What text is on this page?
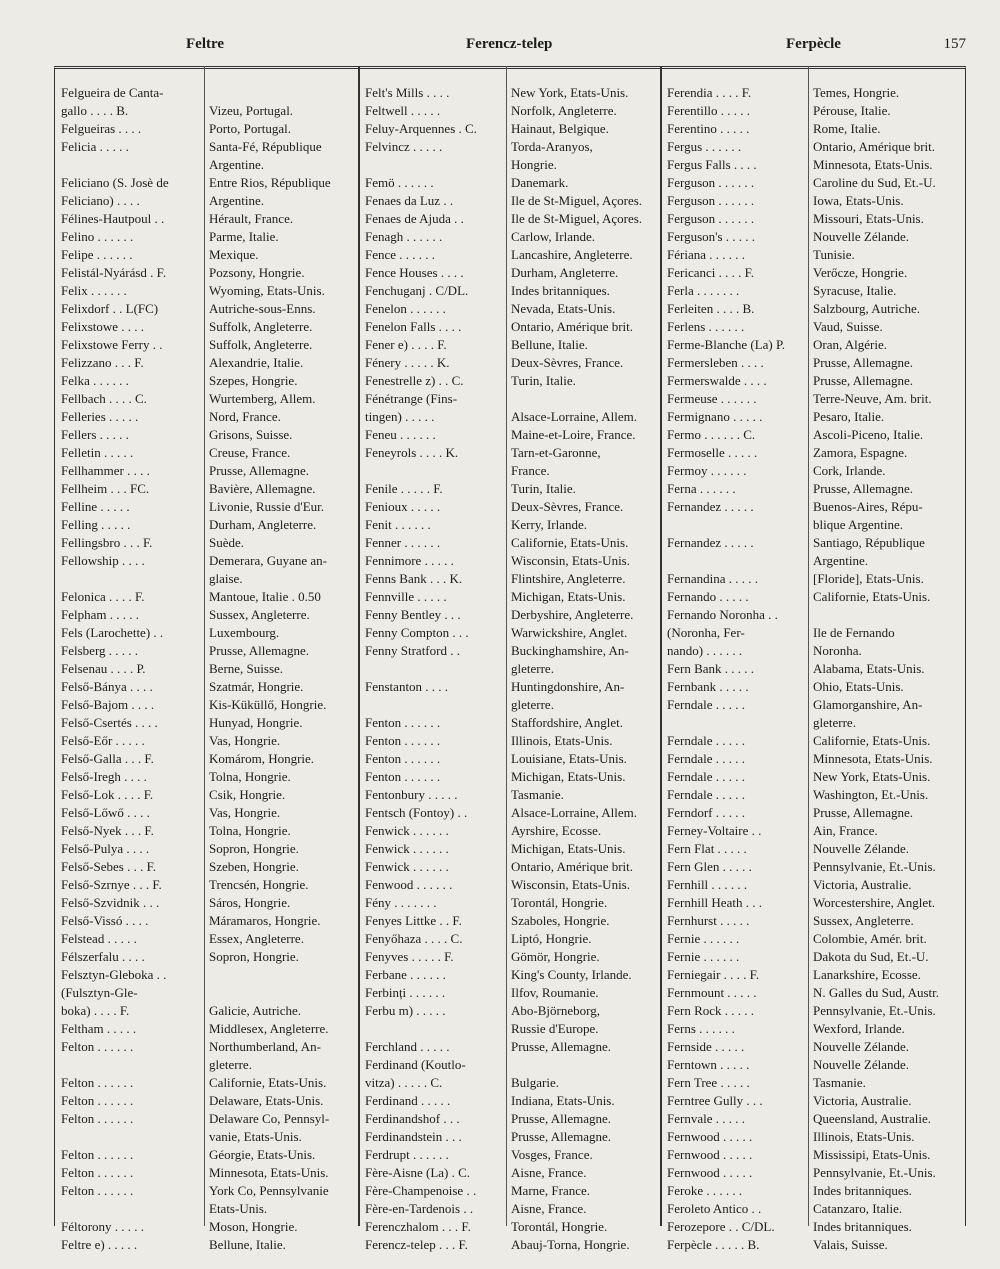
Feltre	Ferencz-telep	Ferpècle	157
Felgueira de Canta-
gallo . . . . B.	Vizeu, Portugal.
Felgueiras . . . .	Porto, Portugal.
Felicia . . . . .	Santa-Fé, République
Argentine.
Feliciano (S. Josè de	Entre Rios, République
Feliciano) . . . .	Argentine.
Félines-Hautpoul . .	Hérault, France.
Felino . . . . . .	Parme, Italie.
Felipe . . . . . .	Mexique.
Felistál-Nyárásd . F.	Pozsony, Hongrie.
Felix . . . . . .	Wyoming, Etats-Unis.
Felixdorf . . L(FC)	Autriche-sous-Enns.
Felixstowe . . . .	Suffolk, Angleterre.
Felixstowe Ferry . .	Suffolk, Angleterre.
Felizzano . . . F.	Alexandrie, Italie.
Felka . . . . . .	Szepes, Hongrie.
Fellbach . . . . C.	Wurtemberg, Allem.
Felleries . . . . .	Nord, France.
Fellers . . . . .	Grisons, Suisse.
Felletin . . . . .	Creuse, France.
Fellhammer . . . .	Prusse, Allemagne.
Fellheim . . . FC.	Bavière, Allemagne.
Felline . . . . .	Livonie, Russie d'Eur.
Felling . . . . .	Durham, Angleterre.
Fellingsbro . . . F.	Suède.
Fellowship . . . .	Demerara, Guyane an-
glaise.
Felonica . . . . F.	Mantoue, Italie . 0.50
Felpham . . . . .	Sussex, Angleterre.
Fels (Larochette) . .	Luxembourg.
Felsberg . . . . .	Prusse, Allemagne.
Felsenau . . . . P.	Berne, Suisse.
Felső-Bánya . . . .	Szatmár, Hongrie.
Felső-Bajom . . . .	Kis-Küküllő, Hongrie.
Felső-Csertés . . . .	Hunyad, Hongrie.
Felső-Eőr . . . . .	Vas, Hongrie.
Felső-Galla . . . F.	Komárom, Hongrie.
Felső-Iregh . . . .	Tolna, Hongrie.
Felső-Lok . . . . F.	Csik, Hongrie.
Felső-Lőwő . . . .	Vas, Hongrie.
Felső-Nyek . . . F.	Tolna, Hongrie.
Felső-Pulya . . . .	Sopron, Hongrie.
Felső-Sebes . . . F.	Szeben, Hongrie.
Felső-Szrnye . . . F.	Trencsén, Hongrie.
Felső-Szvidnik . . .	Sáros, Hongrie.
Felső-Vissó . . . .	Máramaros, Hongrie.
Felstead . . . . .	Essex, Angleterre.
Félszerfalu . . . .	Sopron, Hongrie.
Felsztyn-Gleboka . .
(Fulsztyn-Gle-
boka) . . . . F.	Galicie, Autriche.
Feltham . . . . .	Middlesex, Angleterre.
Felton . . . . . .	Northumberland, An-
gleterre.
Felton . . . . . .	Californie, Etats-Unis.
Felton . . . . . .	Delaware, Etats-Unis.
Felton . . . . . .	Delaware Co, Pennsyl-
vanie, Etats-Unis.
Felton . . . . . .	Géorgie, Etats-Unis.
Felton . . . . . .	Minnesota, Etats-Unis.
Felton . . . . . .	York Co, Pennsylvanie
Etats-Unis.
Féltorony . . . . .	Moson, Hongrie.
Feltre e) . . . . .	Bellune, Italie.
Felt's Mills . . . .	New York, Etats-Unis.
Feltwell . . . . .	Norfolk, Angleterre.
Feluy-Arquennes . C.	Hainaut, Belgique.
Felvincz . . . . .	Torda-Aranyos,
Hongrie.
Femö . . . . . .	Danemark.
Fenaes da Luz . .	Ile de St-Miguel, Açores.
Fenaes de Ajuda . .	Ile de St-Miguel, Açores.
Fenagh . . . . . .	Carlow, Irlande.
Fence . . . . . .	Lancashire, Angleterre.
Fence Houses . . . .	Durham, Angleterre.
Fenchuganj . C/DL.	Indes britanniques.
Fenelon . . . . . .	Nevada, Etats-Unis.
Fenelon Falls . . . .	Ontario, Amérique brit.
Fener e) . . . . F.	Bellune, Italie.
Fénery . . . . . K.	Deux-Sèvres, France.
Fenestrelle z) . . C.	Turin, Italie.
Fénétrange (Fins-
tingen) . . . . .	Alsace-Lorraine, Allem.
Feneu . . . . . .	Maine-et-Loire, France.
Feneyrols . . . . K.	Tarn-et-Garonne,
France.
Fenile . . . . . F.	Turin, Italie.
Fenioux . . . . .	Deux-Sèvres, France.
Fenit . . . . . .	Kerry, Irlande.
Fenner . . . . . .	Californie, Etats-Unis.
Fennimore . . . . .	Wisconsin, Etats-Unis.
Fenns Bank . . . K.	Flintshire, Angleterre.
Fennville . . . . .	Michigan, Etats-Unis.
Fenny Bentley . . .	Derbyshire, Angleterre.
Fenny Compton . . .	Warwickshire, Anglet.
Fenny Stratford . .	Buckinghamshire, An-
gleterre.
Fenstanton . . . .	Huntingdonshire, An-
gleterre.
Fenton . . . . . .	Staffordshire, Anglet.
Fenton . . . . . .	Illinois, Etats-Unis.
Fenton . . . . . .	Louisiane, Etats-Unis.
Fenton . . . . . .	Michigan, Etats-Unis.
Fentonbury . . . . .	Tasmanie.
Fentsch (Fontoy) . .	Alsace-Lorraine, Allem.
Fenwick . . . . . .	Ayrshire, Ecosse.
Fenwick . . . . . .	Michigan, Etats-Unis.
Fenwick . . . . . .	Ontario, Amérique brit.
Fenwood . . . . . .	Wisconsin, Etats-Unis.
Fény . . . . . . .	Torontál, Hongrie.
Fenyes Littke . . F.	Szaboles, Hongrie.
Fenyőhaza . . . . C.	Liptó, Hongrie.
Fenyves . . . . . F.	Gömör, Hongrie.
Ferbane . . . . . .	King's County, Irlande.
Ferbinți . . . . . .	Ilfov, Roumanie.
Ferbu m) . . . . .	Abo-Björneborg,
Russie d'Europe.
Ferchland . . . . .	Prusse, Allemagne.
Ferdinand (Koutlo-
vitza) . . . . . C.	Bulgarie.
Ferdinand . . . . .	Indiana, Etats-Unis.
Ferdinandshof . . .	Prusse, Allemagne.
Ferdinandstein . . .	Prusse, Allemagne.
Ferdrupt . . . . . .	Vosges, France.
Fère-Aisne (La) . C.	Aisne, France.
Fère-Champenoise . .	Marne, France.
Fère-en-Tardenois . .	Aisne, France.
Ferenczhalom . . . F.	Torontál, Hongrie.
Ferencz-telep . . . F.	Abauj-Torna, Hongrie.
Ferendia . . . . F.	Temes, Hongrie.
Ferentillo . . . . .	Pérouse, Italie.
Ferentino . . . . .	Rome, Italie.
Fergus . . . . . .	Ontario, Amérique brit.
Fergus Falls . . . .	Minnesota, Etats-Unis.
Ferguson . . . . . .	Caroline du Sud, Et.-U.
Ferguson . . . . . .	Iowa, Etats-Unis.
Ferguson . . . . . .	Missouri, Etats-Unis.
Ferguson's . . . . .	Nouvelle Zélande.
Fériana . . . . . .	Tunisie.
Fericanci . . . . F.	Verőcze, Hongrie.
Ferla . . . . . . .	Syracuse, Italie.
Ferleiten . . . . B.	Salzbourg, Autriche.
Ferlens . . . . . .	Vaud, Suisse.
Ferme-Blanche (La) P.	Oran, Algérie.
Fermersleben . . . .	Prusse, Allemagne.
Fermerswalde . . . .	Prusse, Allemagne.
Fermeuse . . . . . .	Terre-Neuve, Am. brit.
Fermignano . . . . .	Pesaro, Italie.
Fermo . . . . . . C.	Ascoli-Piceno, Italie.
Fermoselle . . . . .	Zamora, Espagne.
Fermoy . . . . . .	Cork, Irlande.
Ferna . . . . . .	Prusse, Allemagne.
Fernandez . . . . .	Buenos-Aires, Répu-
blique Argentine.
Fernandez . . . . .	Santiago, République
Argentine.
Fernandina . . . . .	[Floride], Etats-Unis.
Fernando . . . . .	Californie, Etats-Unis.
Fernando Noronha . .
(Noronha, Fer-	Ile de Fernando
nando) . . . . . .	Noronha.
Fern Bank . . . . .	Alabama, Etats-Unis.
Fernbank . . . . .	Ohio, Etats-Unis.
Ferndale . . . . .	Glamorganshire, An-
gleterre.
Ferndale . . . . .	Californie, Etats-Unis.
Ferndale . . . . .	Minnesota, Etats-Unis.
Ferndale . . . . .	New York, Etats-Unis.
Ferndale . . . . .	Washington, Et.-Unis.
Ferndorf . . . . .	Prusse, Allemagne.
Ferney-Voltaire . .	Ain, France.
Fern Flat . . . . .	Nouvelle Zélande.
Fern Glen . . . . .	Pennsylvanie, Et.-Unis.
Fernhill . . . . . .	Victoria, Australie.
Fernhill Heath . . .	Worcestershire, Anglet.
Fernhurst . . . . .	Sussex, Angleterre.
Fernie . . . . . .	Colombie, Amér. brit.
Fernie . . . . . .	Dakota du Sud, Et.-U.
Ferniegair . . . . F.	Lanarkshire, Ecosse.
Fernmount . . . . .	N. Galles du Sud, Austr.
Fern Rock . . . . .	Pennsylvanie, Et.-Unis.
Ferns . . . . . .	Wexford, Irlande.
Fernside . . . . .	Nouvelle Zélande.
Ferntown . . . . .	Nouvelle Zélande.
Fern Tree . . . . .	Tasmanie.
Ferntree Gully . . .	Victoria, Australie.
Fernvale . . . . .	Queensland, Australie.
Fernwood . . . . .	Illinois, Etats-Unis.
Fernwood . . . . .	Mississipi, Etats-Unis.
Fernwood . . . . .	Pennsylvanie, Et.-Unis.
Feroke . . . . . .	Indes britanniques.
Feroleto Antico . .	Catanzaro, Italie.
Ferozepore . . C/DL.	Indes britanniques.
Ferpècle . . . . . B.	Valais, Suisse.
